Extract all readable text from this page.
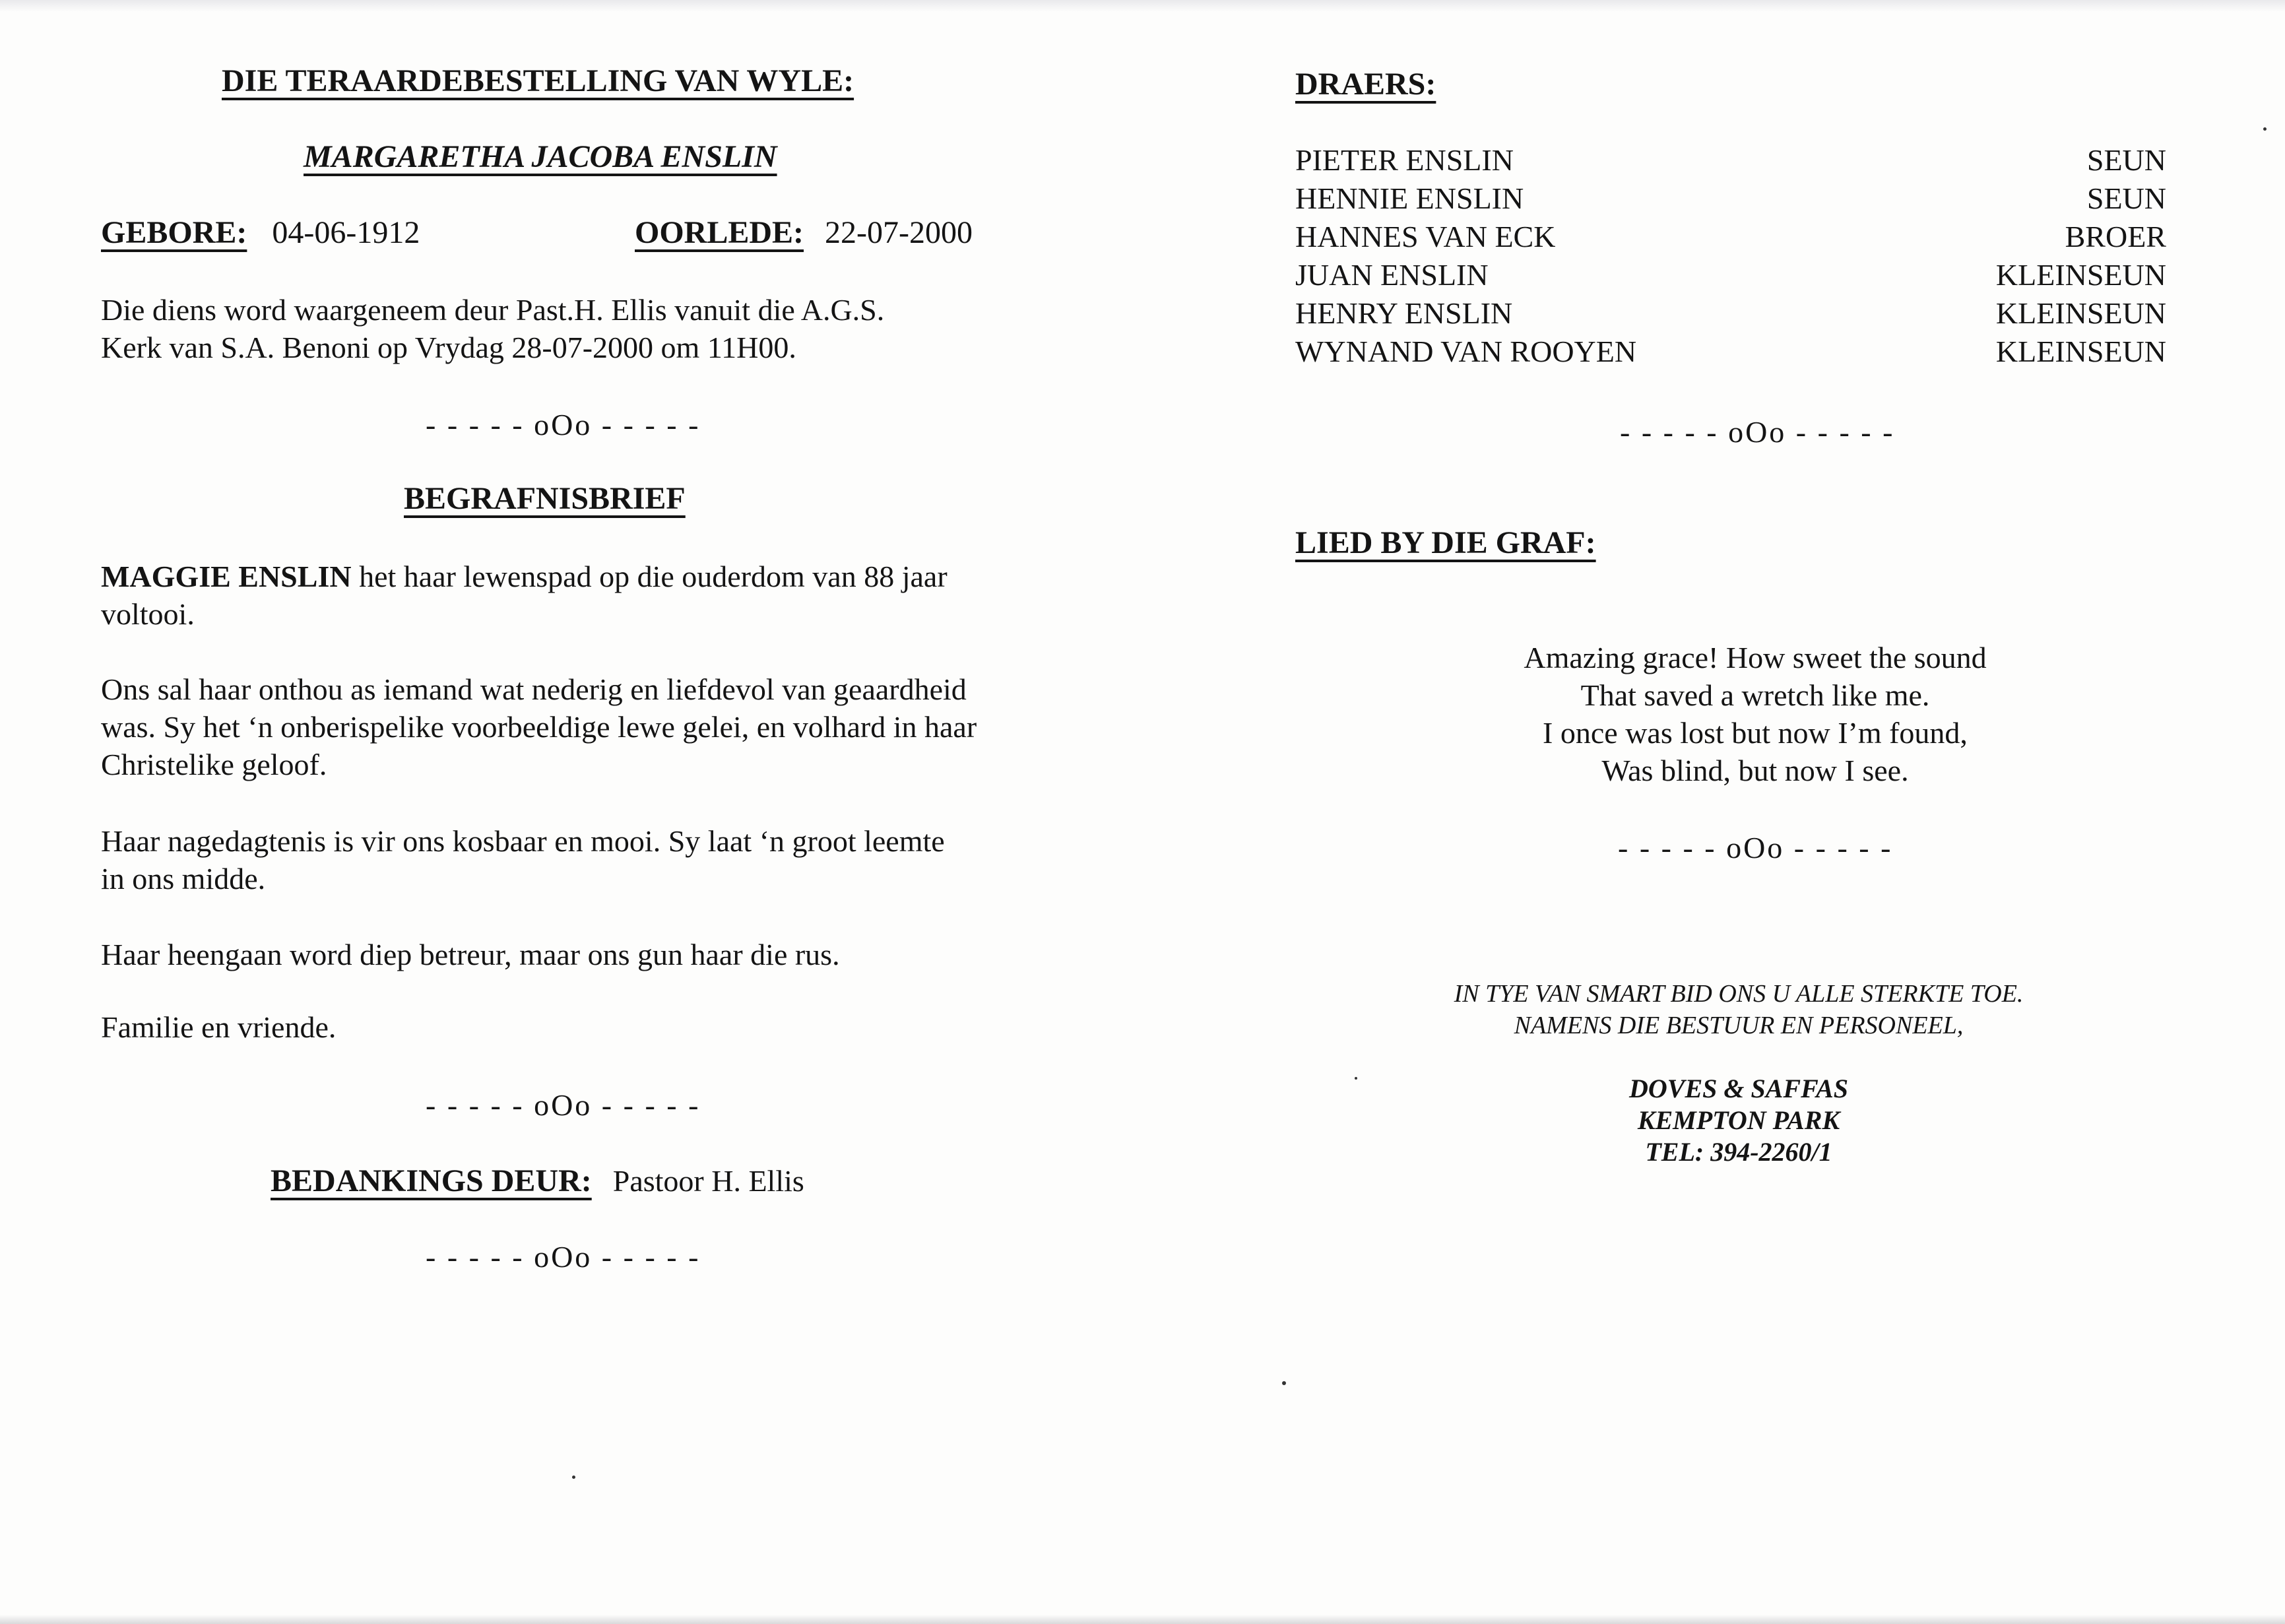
DIE TERAARDEBESTELLING VAN WYLE:
MARGARETHA JACOBA ENSLIN
GEBORE: 04-06-1912	OORLEDE: 22-07-2000
Die diens word waargeneem deur Past.H. Ellis vanuit die A.G.S.
Kerk van S.A. Benoni op Vrydag 28-07-2000 om 11H00.
- - - - - oOo - - - - -
BEGRAFNISBRIEF
MAGGIE ENSLIN het haar lewenspad op die ouderdom van 88 jaar voltooi.
Ons sal haar onthou as iemand wat nederig en liefdevol van geaardheid was. Sy het ‘n onberispelike voorbeeldige lewe gelei, en volhard in haar Christelike geloof.
Haar nagedagtenis is vir ons kosbaar en mooi. Sy laat ‘n groot leemte in ons midde.
Haar heengaan word diep betreur, maar ons gun haar die rus.
Familie en vriende.
- - - - - oOo - - - - -
BEDANKINGS DEUR: Pastoor H. Ellis
- - - - - oOo - - - - -
DRAERS:
PIETER ENSLIN	SEUN
HENNIE ENSLIN	SEUN
HANNES VAN ECK	BROER
JUAN ENSLIN	KLEINSEUN
HENRY ENSLIN	KLEINSEUN
WYNAND VAN ROOYEN	KLEINSEUN
- - - - - oOo - - - - -
LIED BY DIE GRAF:
Amazing grace! How sweet the sound
That saved a wretch like me.
I once was lost but now I’m found,
Was blind, but now I see.
- - - - - oOo - - - - -
IN TYE VAN SMART BID ONS U ALLE STERKTE TOE.
NAMENS DIE BESTUUR EN PERSONEEL,
DOVES & SAFFAS
KEMPTON PARK
TEL: 394-2260/1
